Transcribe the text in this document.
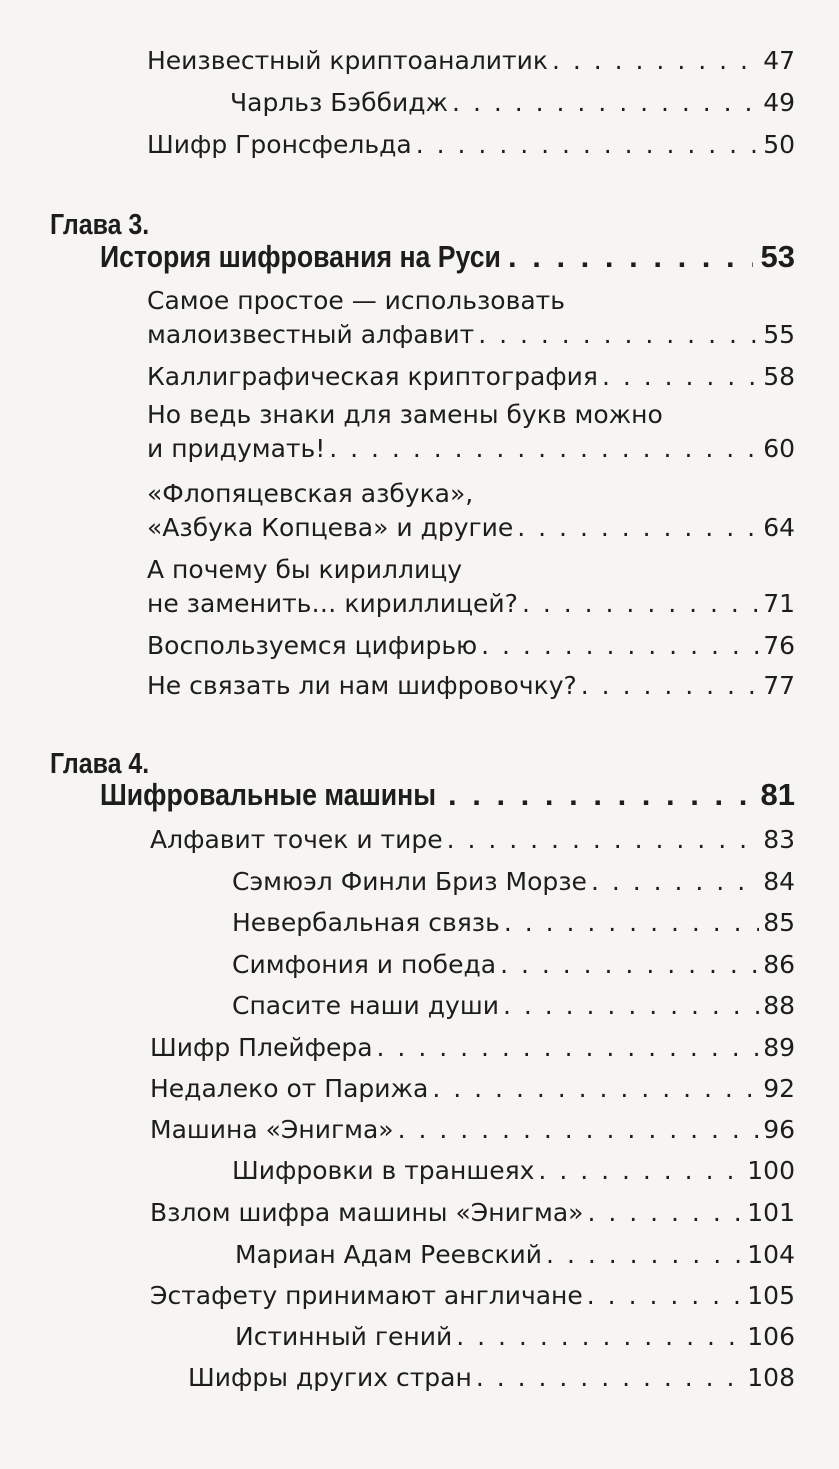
Неизвестный криптоаналитик . . .	47
Чарльз Бэббидж . . .	49
Шифр Гронсфельда . . .	50
Глава 3.
История шифрования на Руси . . .	53
Самое простое — использовать
малоизвестный алфавит . . .	55
Каллиграфическая криптография . . .	58
Но ведь знаки для замены букв можно
и придумать! . . .	60
«Флопяцевская азбука»,
«Азбука Копцева» и другие . . .	64
А почему бы кириллицу
не заменить… кириллицей? . . .	71
Воспользуемся цифирью . . .	76
Не связать ли нам шифровочку? . . .	77
Глава 4.
Шифровальные машины . . .	81
Алфавит точек и тире . . .	83
Сэмюэл Финли Бриз Морзе . . .	84
Невербальная связь . . .	85
Симфония и победа . . .	86
Спасите наши души . . .	88
Шифр Плейфера . . .	89
Недалеко от Парижа . . .	92
Машина «Энигма» . . .	96
Шифровки в траншеях . . .	100
Взлом шифра машины «Энигма» . . .	101
Мариан Адам Реевский . . .	104
Эстафету принимают англичане . . .	105
Истинный гений . . .	106
Шифры других стран . . .	108
